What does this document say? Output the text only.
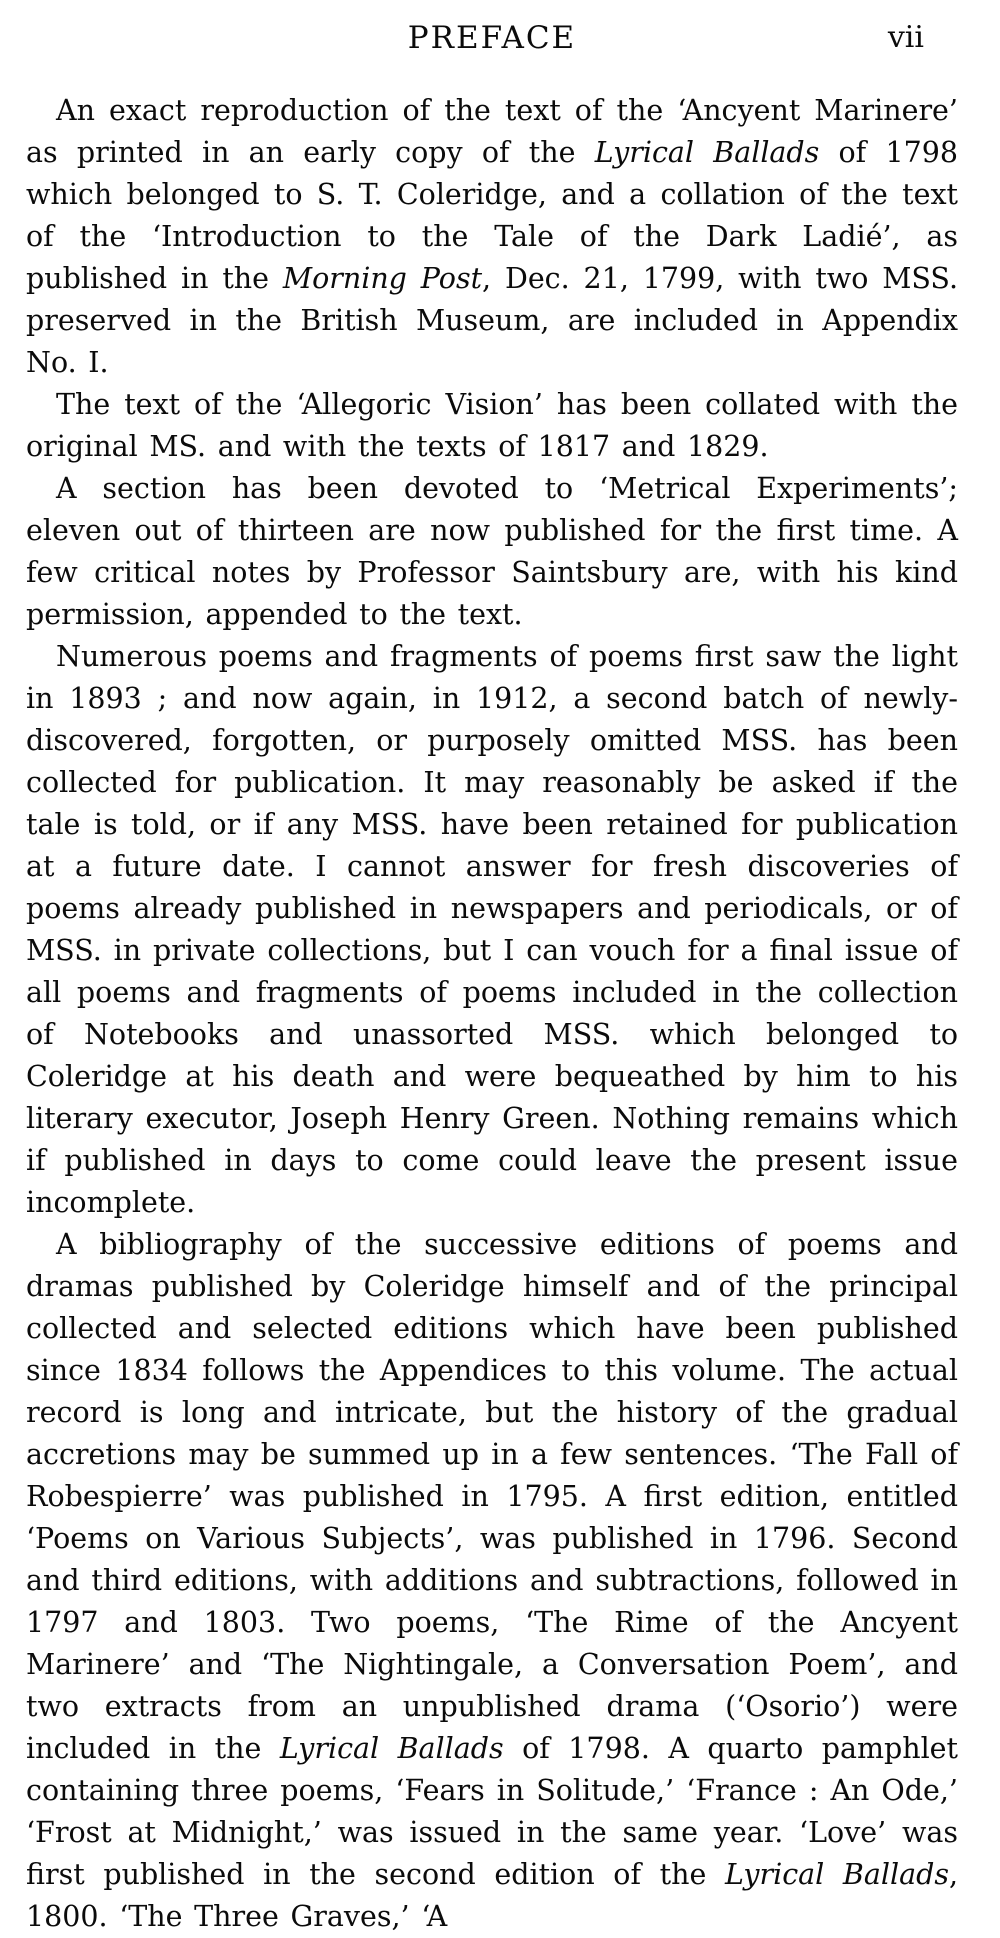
PREFACE	vii

An exact reproduction of the text of the ‘Ancyent Marinere’ as printed in an early copy of the Lyrical Ballads of 1798 which belonged to S. T. Coleridge, and a collation of the text of the ‘Introduction to the Tale of the Dark Ladié’, as published in the Morning Post, Dec. 21, 1799, with two MSS. preserved in the British Museum, are included in Appendix No. I.

The text of the ‘Allegoric Vision’ has been collated with the original MS. and with the texts of 1817 and 1829.

A section has been devoted to ‘Metrical Experiments’; eleven out of thirteen are now published for the first time. A few critical notes by Professor Saintsbury are, with his kind permission, appended to the text.

Numerous poems and fragments of poems first saw the light in 1893 ; and now again, in 1912, a second batch of newly-discovered, forgotten, or purposely omitted MSS. has been collected for publication. It may reasonably be asked if the tale is told, or if any MSS. have been retained for publication at a future date. I cannot answer for fresh discoveries of poems already published in newspapers and periodicals, or of MSS. in private collections, but I can vouch for a final issue of all poems and fragments of poems included in the collection of Notebooks and unassorted MSS. which belonged to Coleridge at his death and were bequeathed by him to his literary executor, Joseph Henry Green. Nothing remains which if published in days to come could leave the present issue incomplete.

A bibliography of the successive editions of poems and dramas published by Coleridge himself and of the principal collected and selected editions which have been published since 1834 follows the Appendices to this volume. The actual record is long and intricate, but the history of the gradual accretions may be summed up in a few sentences. ‘The Fall of Robespierre’ was published in 1795. A first edition, entitled ‘Poems on Various Subjects’, was published in 1796. Second and third editions, with additions and subtractions, followed in 1797 and 1803. Two poems, ‘The Rime of the Ancyent Marinere’ and ‘The Nightingale, a Conversation Poem’, and two extracts from an unpublished drama (‘Osorio’) were included in the Lyrical Ballads of 1798. A quarto pamphlet containing three poems, ‘Fears in Solitude,’ ‘France : An Ode,’ ‘Frost at Midnight,’ was issued in the same year. ‘Love’ was first published in the second edition of the Lyrical Ballads, 1800. ‘The Three Graves,’ ‘A
